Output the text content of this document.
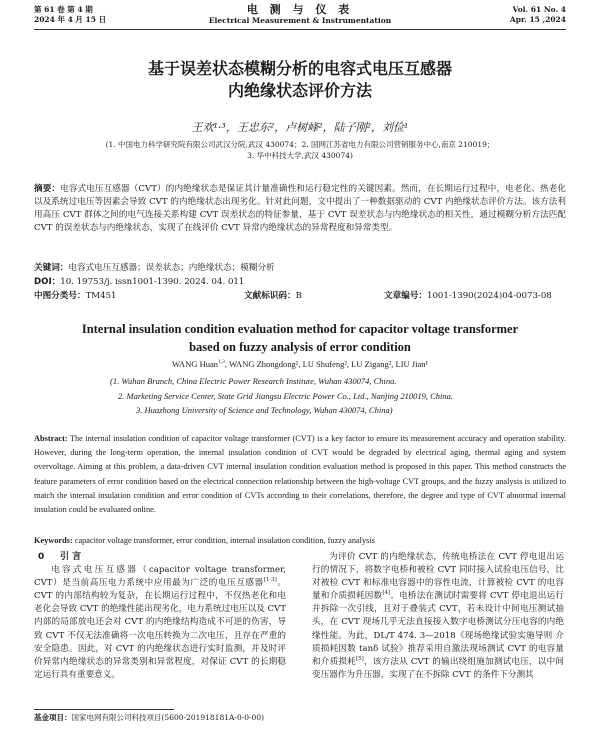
第 61 卷 第 4 期
2024 年 4 月 15 日
电 测 与 仪 表
Electrical Measurement & Instrumentation
Vol. 61 No. 4
Apr. 15 ,2024
基于误差状态模糊分析的电容式电压互感器
内绝缘状态评价方法
王欢¹·³，王忠东²，卢树峰²，陆子刚²，刘俭¹
(1. 中国电力科学研究院有限公司武汉分院,武汉 430074；2. 国网江苏省电力有限公司营销服务中心,南京 210019；
3. 华中科技大学,武汉 430074)
摘要：电容式电压互感器（CVT）的内绝缘状态是保证其计量准确性和运行稳定性的关键因素。然而，在长期运行过程中，电老化、热老化以及系统过电压等因素会导致 CVT 的内绝缘状态出现劣化。针对此问题，文中提出了一种数据驱动的 CVT 内绝缘状态评价方法。该方法利用高压 CVT 群体之间的电气连接关系构建 CVT 误差状态的特征参量，基于 CVT 误差状态与内绝缘状态的相关性，通过模糊分析方法匹配 CVT 的误差状态与内绝缘状态，实现了在线评价 CVT 异常内绝缘状态的异常程度和异常类型。
关键词：电容式电压互感器；误差状态；内绝缘状态；模糊分析
DOI：10. 19753/j. issn1001-1390. 2024. 04. 011
中图分类号：TM451	文献标识码：B	文章编号：1001-1390(2024)04-0073-08
Internal insulation condition evaluation method for capacitor voltage transformer
based on fuzzy analysis of error condition
WANG Huan$^{1,3}$, WANG Zhongdong², LU Shufeng², LU Zigang², LIU Jian¹
(1. Wuhan Branch, China Electric Power Research Institute, Wuhan 430074, China.
2. Marketing Service Center, State Grid Jiangsu Electric Power Co., Ltd., Nanjing 210019, China.
3. Huazhong University of Science and Technology, Wuhan 430074, China)
Abstract: The internal insulation condition of capacitor voltage transformer (CVT) is a key factor to ensure its measurement accuracy and operation stability. However, during the long-term operation, the internal insulation condition of CVT would be degraded by electrical aging, thermal aging and system overvoltage. Aiming at this problem, a data-driven CVT internal insulation condition evaluation method is proposed in this paper. This method constructs the feature parameters of error condition based on the electrical connection relationship between the high-voltage CVT groups, and the fuzzy analysis is utilized to match the internal insulation condition and error condition of CVTs according to their correlations, therefore, the degree and type of CVT abnormal internal insulation could be evaluated online.
Keywords: capacitor voltage transformer, error condition, internal insulation condition, fuzzy analysis
0 引 言

电容式电压互感器（capacitor voltage transformer, CVT）是当前高压电力系统中应用最为广泛的电压互感器[1-3]。CVT 的内部结构较为复杂，在长期运行过程中，不仅热老化和电老化会导致 CVT 的绝缘性能出现劣化，电力系统过电压以及 CVT 内部的局部放电还会对 CVT 的内绝缘结构造成不可逆的伤害，导致 CVT 不仅无法准确将一次电压转换为二次电压，且存在严重的安全隐患。因此，对 CVT 的内绝缘状态进行实时监测，并及时评价异常内绝缘状态的异常类别和异常程度，对保证 CVT 的长期稳定运行具有重要意义。

为评价 CVT 的内绝缘状态，传统电桥法在 CVT 停电退出运行的情况下，将数字电桥和被检 CVT 同时接入试验电压信号，比对被检 CVT 和标准电容器中的容性电流，计算被检 CVT 的电容量和介质损耗因数[4]。电桥法在测试时需要将 CVT 停电退出运行并拆除一次引线，且对于叠装式 CVT，若未设计中间电压测试抽头，在 CVT 现场几乎无法直接接入数字电桥测试分压电容的内绝缘性能。为此，DL/T 474. 3—2018《现场绝缘试验实施导则 介质损耗因数 tanδ 试验》推荐采用自激法现场测试 CVT 的电容量和介质损耗[5]，该方法从 CVT 的输出绕组施加测试电压，以中间变压器作为升压器，实现了在不拆除 CVT 的条件下分测其

基金项目：国家电网有限公司科技项目(5600-201918181A-0-0-00)
